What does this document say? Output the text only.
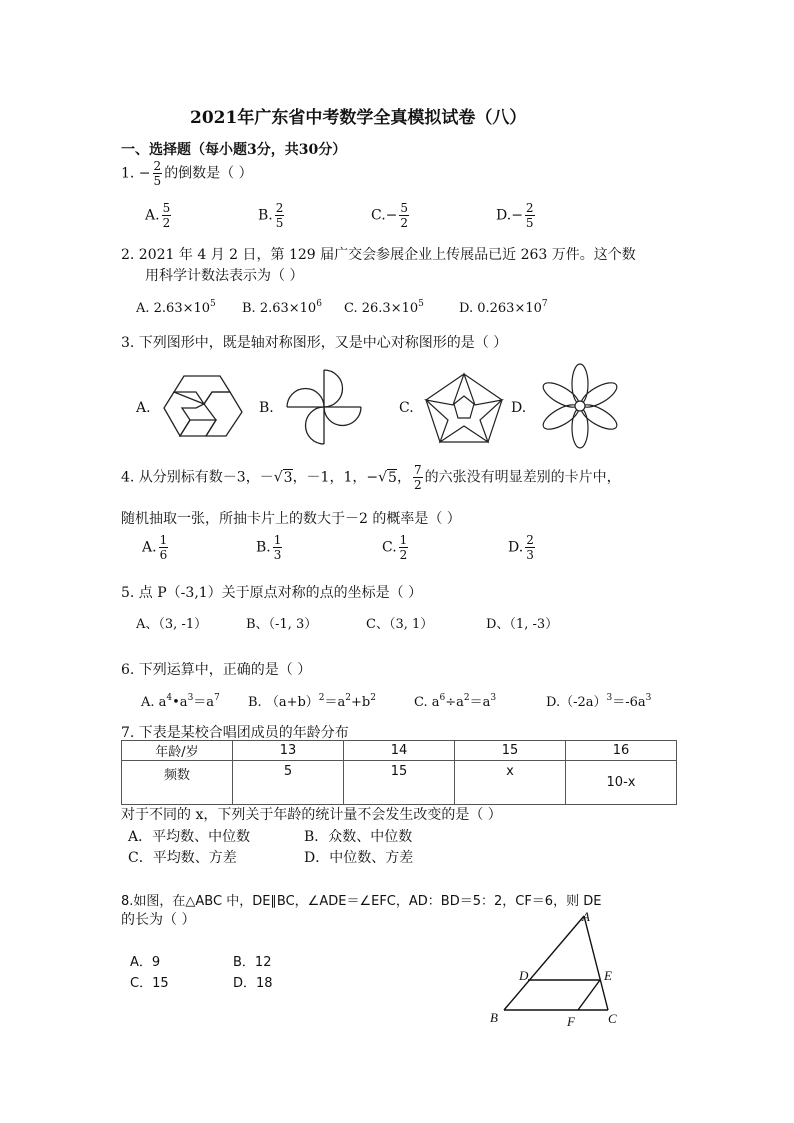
2021年广东省中考数学全真模拟试卷（八）
一、选择题（每小题3分，共30分）
1. − $\frac{2}{5}$ 的倒数是（ ）
A. $\frac{5}{2}$	B. $\frac{2}{5}$	$C.- \frac{5}{2}$	$D.- \frac{2}{5}$
2. 2021 年 4 月 2 日，第 129 届广交会参展企业上传展品已近 263 万件。这个数
用科学计数法表示为（ ）
A. $2.63\times 10^5$ B. $2.63\times 10^6$ C. $26.3\times 10^5$	D. $0.263\times 10^7$
3. 下列图形中，既是轴对称图形，又是中心对称图形的是（ ）
A.	B.	C.	D.
4. 从分别标有数－3，－√3，－1，1，−√5， $\frac{7}{2}$ 的六张没有明显差别的卡片中，
随机抽取一张，所抽卡片上的数大于－2 的概率是（ ）
A. $\frac{1}{6}$	B. $\frac{1}{3}$	C. $\frac{1}{2}$	D. $\frac{2}{3}$
5. 点 P（-3,1）关于原点对称的点的坐标是（ ）
A、（3, -1）	B、（-1, 3）	C、（3, 1）	D、（1, -3）
6. 下列运算中，正确的是（ ）
A. $a^4•a^3=a^7$ B. $(a+b)^2=a^2+b^2$	C. $a^6\div a^2=a^3$	$D.(-2a)^3=-6a^3$
7. 下表是某校合唱团成员的年龄分布
年龄/岁	13	14	15	16
频数	5	15	x	10-x
对于不同的 x，下列关于年龄的统计量不会发生改变的是（ ）
A．平均数、中位数	B．众数、中位数
C．平均数、方差	D．中位数、方差
8.如图，在△ABC 中，DE∥BC，∠ADE＝∠EFC，AD：BD＝5：2，CF＝6，则 DE
的长为（ ）
A．9	B．12
C．15	D．18
A
B	C
D	E
F
